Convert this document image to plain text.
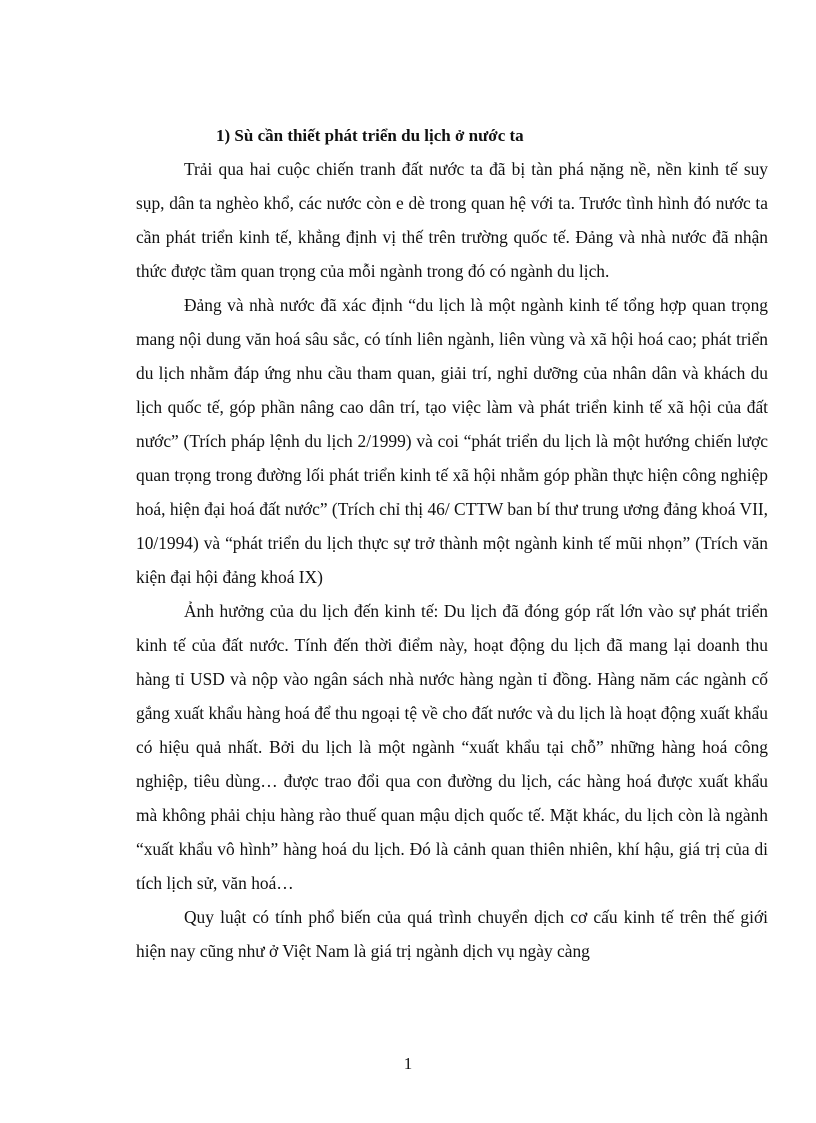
1) Sù cần thiết phát triển du lịch ở nước ta

Trải qua hai cuộc chiến tranh đất nước ta đã bị tàn phá nặng nề, nền kinh tế suy sụp, dân ta nghèo khổ, các nước còn e dè trong quan hệ với ta. Trước tình hình đó nước ta cần phát triển kinh tế, khẳng định vị thế trên trường quốc tế. Đảng và nhà nước đã nhận thức được tầm quan trọng của mỗi ngành trong đó có ngành du lịch.

Đảng và nhà nước đã xác định “du lịch là một ngành kinh tế tổng hợp quan trọng mang nội dung văn hoá sâu sắc, có tính liên ngành, liên vùng và xã hội hoá cao; phát triển du lịch nhằm đáp ứng nhu cầu tham quan, giải trí, nghỉ dưỡng của nhân dân và khách du lịch quốc tế, góp phần nâng cao dân trí, tạo việc làm và phát triển kinh tế xã hội của đất nước” (Trích pháp lệnh du lịch 2/1999) và coi “phát triển du lịch là một hướng chiến lược quan trọng trong đường lối phát triển kinh tế xã hội nhằm góp phần thực hiện công nghiệp hoá, hiện đại hoá đất nước” (Trích chỉ thị 46/ CTTW ban bí thư trung ương đảng khoá VII, 10/1994) và “phát triển du lịch thực sự trở thành một ngành kinh tế mũi nhọn” (Trích văn kiện đại hội đảng khoá IX)

Ảnh hưởng của du lịch đến kinh tế: Du lịch đã đóng góp rất lớn vào sự phát triển kinh tế của đất nước. Tính đến thời điểm này, hoạt động du lịch đã mang lại doanh thu hàng tỉ USD và nộp vào ngân sách nhà nước hàng ngàn tỉ đồng. Hàng năm các ngành cố gắng xuất khẩu hàng hoá để thu ngoại tệ về cho đất nước và du lịch là hoạt động xuất khẩu có hiệu quả nhất. Bởi du lịch là một ngành “xuất khẩu tại chỗ” những hàng hoá công nghiệp, tiêu dùng… được trao đổi qua con đường du lịch, các hàng hoá được xuất khẩu mà không phải chịu hàng rào thuế quan mậu dịch quốc tế. Mặt khác, du lịch còn là ngành “xuất khẩu vô hình” hàng hoá du lịch. Đó là cảnh quan thiên nhiên, khí hậu, giá trị của di tích lịch sử, văn hoá…

Quy luật có tính phổ biến của quá trình chuyển dịch cơ cấu kinh tế trên thế giới hiện nay cũng như ở Việt Nam là giá trị ngành dịch vụ ngày càng

1
